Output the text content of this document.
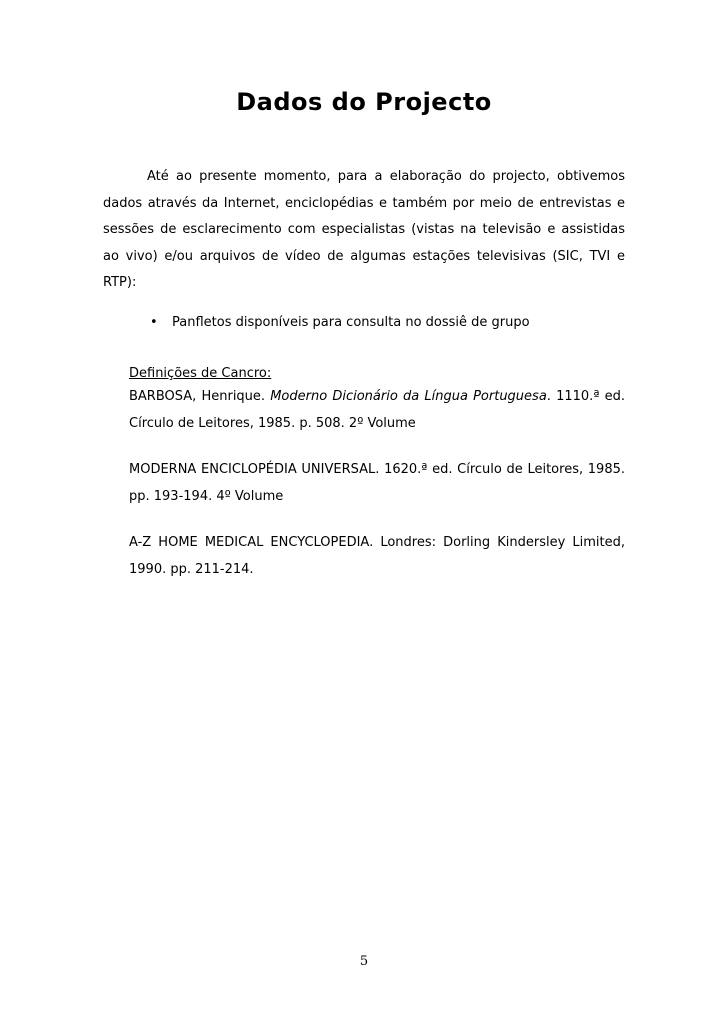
Dados do Projecto

Até ao presente momento, para a elaboração do projecto, obtivemos dados através da Internet, enciclopédias e também por meio de entrevistas e sessões de esclarecimento com especialistas (vistas na televisão e assistidas ao vivo) e/ou arquivos de vídeo de algumas estações televisivas (SIC, TVI e RTP):

• Panfletos disponíveis para consulta no dossiê de grupo

Definições de Cancro:

BARBOSA, Henrique. Moderno Dicionário da Língua Portuguesa. 1110.ª ed. Círculo de Leitores, 1985. p. 508. 2º Volume

MODERNA ENCICLOPÉDIA UNIVERSAL. 1620.ª ed. Círculo de Leitores, 1985. pp. 193-194. 4º Volume

A-Z HOME MEDICAL ENCYCLOPEDIA. Londres: Dorling Kindersley Limited, 1990. pp. 211-214.

5
